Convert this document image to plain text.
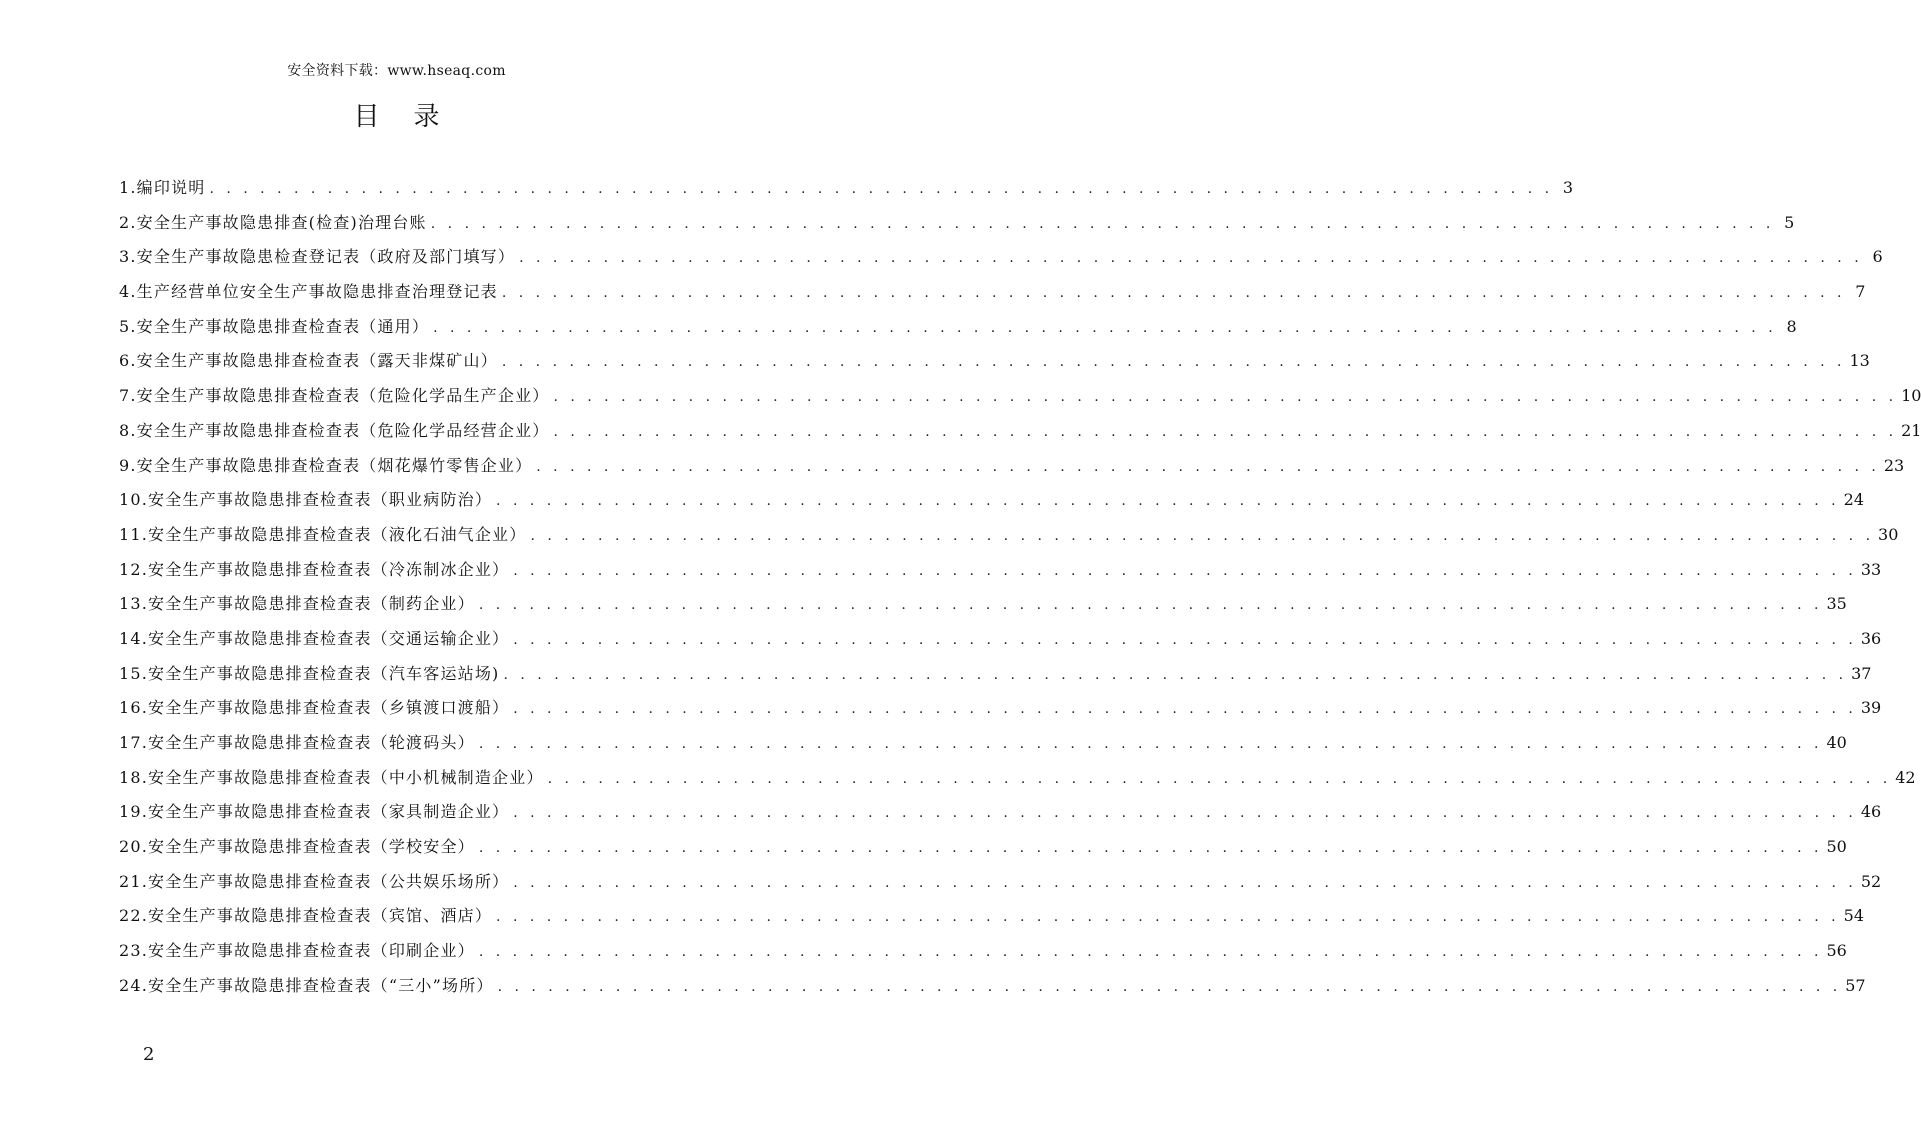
安全资料下载：www.hseaq.com
目录
1.编印说明 . . . . . . . . . . . . . . . . . . . . . . . . . . . . . . . . . . . . . . . . . . . . . . . . . . . . . . . . . . . . . . . . . . . . . . . . . . . . . . . . 3
2.安全生产事故隐患排查(检查)治理台账 . . . . . . . . . . . . . . . . . . . . . . . . . . . . . . . . . . . . . . . . . . . . . . . . . . . . . . . . . . . . . . . . . . . . . . . . . . . . . . . . 5
3.安全生产事故隐患检查登记表（政府及部门填写） . . . . . . . . . . . . . . . . . . . . . . . . . . . . . . . . . . . . . . . . . . . . . . . . . . . . . . . . . . . . . . . . . . . . . . . . . . . . . . . . 6
4.生产经营单位安全生产事故隐患排查治理登记表 . . . . . . . . . . . . . . . . . . . . . . . . . . . . . . . . . . . . . . . . . . . . . . . . . . . . . . . . . . . . . . . . . . . . . . . . . . . . . . . . 7
5.安全生产事故隐患排查检查表（通用） . . . . . . . . . . . . . . . . . . . . . . . . . . . . . . . . . . . . . . . . . . . . . . . . . . . . . . . . . . . . . . . . . . . . . . . . . . . . . . . . 8
6.安全生产事故隐患排查检查表（露天非煤矿山） . . . . . . . . . . . . . . . . . . . . . . . . . . . . . . . . . . . . . . . . . . . . . . . . . . . . . . . . . . . . . . . . . . . . . . . . . . . . . . . . 13
7.安全生产事故隐患排查检查表（危险化学品生产企业） . . . . . . . . . . . . . . . . . . . . . . . . . . . . . . . . . . . . . . . . . . . . . . . . . . . . . . . . . . . . . . . . . . . . . . . . . . . . . . . . 10
8.安全生产事故隐患排查检查表（危险化学品经营企业） . . . . . . . . . . . . . . . . . . . . . . . . . . . . . . . . . . . . . . . . . . . . . . . . . . . . . . . . . . . . . . . . . . . . . . . . . . . . . . . . 21
9.安全生产事故隐患排查检查表（烟花爆竹零售企业） . . . . . . . . . . . . . . . . . . . . . . . . . . . . . . . . . . . . . . . . . . . . . . . . . . . . . . . . . . . . . . . . . . . . . . . . . . . . . . . . 23
10.安全生产事故隐患排查检查表（职业病防治） . . . . . . . . . . . . . . . . . . . . . . . . . . . . . . . . . . . . . . . . . . . . . . . . . . . . . . . . . . . . . . . . . . . . . . . . . . . . . . . . 24
11.安全生产事故隐患排查检查表（液化石油气企业） . . . . . . . . . . . . . . . . . . . . . . . . . . . . . . . . . . . . . . . . . . . . . . . . . . . . . . . . . . . . . . . . . . . . . . . . . . . . . . . . 30
12.安全生产事故隐患排查检查表（冷冻制冰企业） . . . . . . . . . . . . . . . . . . . . . . . . . . . . . . . . . . . . . . . . . . . . . . . . . . . . . . . . . . . . . . . . . . . . . . . . . . . . . . . . 33
13.安全生产事故隐患排查检查表（制药企业） . . . . . . . . . . . . . . . . . . . . . . . . . . . . . . . . . . . . . . . . . . . . . . . . . . . . . . . . . . . . . . . . . . . . . . . . . . . . . . . . 35
14.安全生产事故隐患排查检查表（交通运输企业） . . . . . . . . . . . . . . . . . . . . . . . . . . . . . . . . . . . . . . . . . . . . . . . . . . . . . . . . . . . . . . . . . . . . . . . . . . . . . . . . 36
15.安全生产事故隐患排查检查表（汽车客运站场) . . . . . . . . . . . . . . . . . . . . . . . . . . . . . . . . . . . . . . . . . . . . . . . . . . . . . . . . . . . . . . . . . . . . . . . . . . . . . . . . 37
16.安全生产事故隐患排查检查表（乡镇渡口渡船） . . . . . . . . . . . . . . . . . . . . . . . . . . . . . . . . . . . . . . . . . . . . . . . . . . . . . . . . . . . . . . . . . . . . . . . . . . . . . . . . 39
17.安全生产事故隐患排查检查表（轮渡码头） . . . . . . . . . . . . . . . . . . . . . . . . . . . . . . . . . . . . . . . . . . . . . . . . . . . . . . . . . . . . . . . . . . . . . . . . . . . . . . . . 40
18.安全生产事故隐患排查检查表（中小机械制造企业） . . . . . . . . . . . . . . . . . . . . . . . . . . . . . . . . . . . . . . . . . . . . . . . . . . . . . . . . . . . . . . . . . . . . . . . . . . . . . . . . 42
19.安全生产事故隐患排查检查表（家具制造企业） . . . . . . . . . . . . . . . . . . . . . . . . . . . . . . . . . . . . . . . . . . . . . . . . . . . . . . . . . . . . . . . . . . . . . . . . . . . . . . . . 46
20.安全生产事故隐患排查检查表（学校安全） . . . . . . . . . . . . . . . . . . . . . . . . . . . . . . . . . . . . . . . . . . . . . . . . . . . . . . . . . . . . . . . . . . . . . . . . . . . . . . . . 50
21.安全生产事故隐患排查检查表（公共娱乐场所） . . . . . . . . . . . . . . . . . . . . . . . . . . . . . . . . . . . . . . . . . . . . . . . . . . . . . . . . . . . . . . . . . . . . . . . . . . . . . . . . 52
22.安全生产事故隐患排查检查表（宾馆、酒店） . . . . . . . . . . . . . . . . . . . . . . . . . . . . . . . . . . . . . . . . . . . . . . . . . . . . . . . . . . . . . . . . . . . . . . . . . . . . . . . . 54
23.安全生产事故隐患排查检查表（印刷企业） . . . . . . . . . . . . . . . . . . . . . . . . . . . . . . . . . . . . . . . . . . . . . . . . . . . . . . . . . . . . . . . . . . . . . . . . . . . . . . . . 56
24.安全生产事故隐患排查检查表（“三小”场所） . . . . . . . . . . . . . . . . . . . . . . . . . . . . . . . . . . . . . . . . . . . . . . . . . . . . . . . . . . . . . . . . . . . . . . . . . . . . . . . . 57
2
